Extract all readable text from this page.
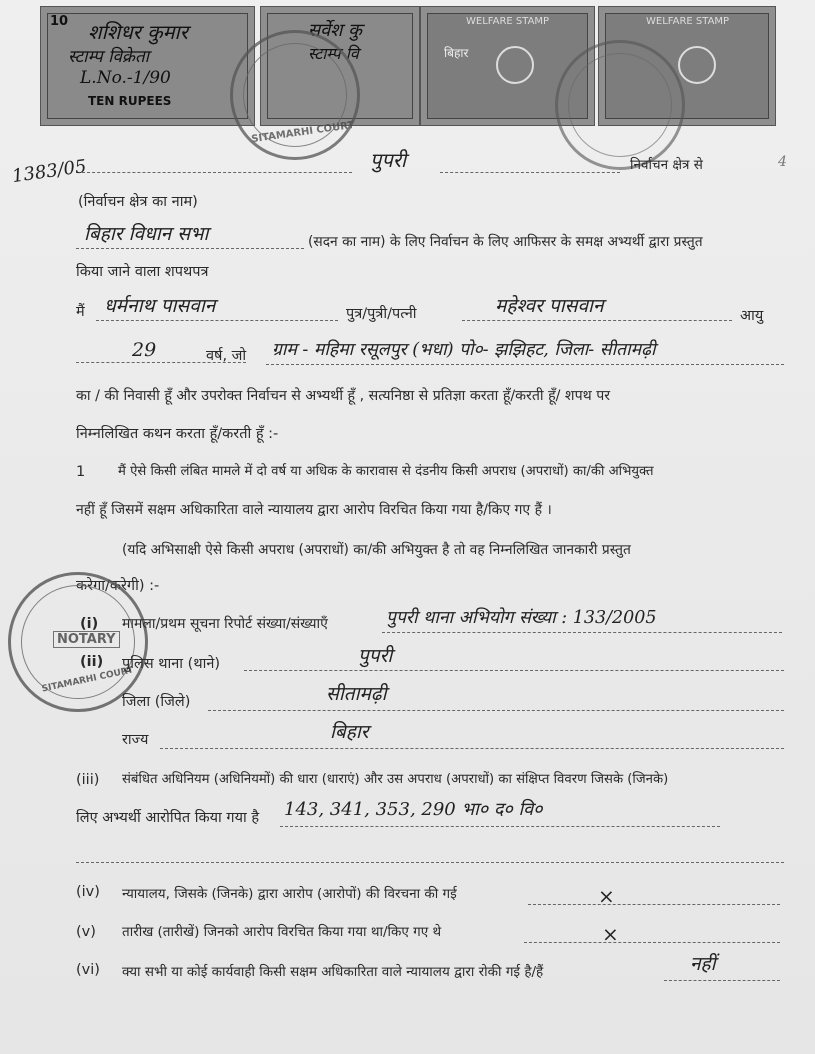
10 शशिधर कुमार
स्टाम्प विक्रेता
L.No.-1/90
TEN RUPEES
सर्वेश कु
स्टाम्प वि
WELFARE STAMP
बिहार
WELFARE STAMP
SITAMARHI COURT
1383/05	पुपरी	निर्वाचन क्षेत्र से	4
(निर्वाचन क्षेत्र का नाम)
बिहार विधान सभा	(सदन का नाम) के लिए निर्वाचन के लिए आफिसर के समक्ष अभ्यर्थी द्वारा प्रस्तुत
किया जाने वाला शपथपत्र
मैं धर्मनाथ पासवान	पुत्र/पुत्री/पत्नी	महेश्वर पासवान	आयु
29	वर्ष, जो ग्राम - महिमा रसूलपुर (भधा) पो०- झझिहट, जिला- सीतामढ़ी
का / की निवासी हूँ और उपरोक्त निर्वाचन से अभ्यर्थी हूँ , सत्यनिष्ठा से प्रतिज्ञा करता हूँ/करती हूँ/ शपथ पर
निम्नलिखित कथन करता हूँ/करती हूँ :-
1 मैं ऐसे किसी लंबित मामले में दो वर्ष या अधिक के कारावास से दंडनीय किसी अपराध (अपराधों) का/की अभियुक्त
नहीं हूँ जिसमें सक्षम अधिकारिता वाले न्यायालय द्वारा आरोप विरचित किया गया है/किए गए हैं ।
(यदि अभिसाक्षी ऐसे किसी अपराध (अपराधों) का/की अभियुक्त है तो वह निम्नलिखित जानकारी प्रस्तुत
करेगा/करेगी) :-
NOTARY
SITAMARHI COURT
(i) मामला/प्रथम सूचना रिपोर्ट संख्या/संख्याएँ	पुपरी थाना अभियोग संख्या : 133/2005
(ii) पुलिस थाना (थाने)	पुपरी
जिला (जिले)	सीतामढ़ी
राज्य	बिहार
(iii) संबंधित अधिनियम (अधिनियमों) की धारा (धाराएं) और उस अपराध (अपराधों) का संक्षिप्त विवरण जिसके (जिनके)
लिए अभ्यर्थी आरोपित किया गया है 143, 341, 353, 290 भा० द० वि०
(iv) न्यायालय, जिसके (जिनके) द्वारा आरोप (आरोपों) की विरचना की गई	×
(v) तारीख (तारीखें) जिनको आरोप विरचित किया गया था/किए गए थे	×
(vi) क्या सभी या कोई कार्यवाही किसी सक्षम अधिकारिता वाले न्यायालय द्वारा रोकी गई है/हैं	नहीं
